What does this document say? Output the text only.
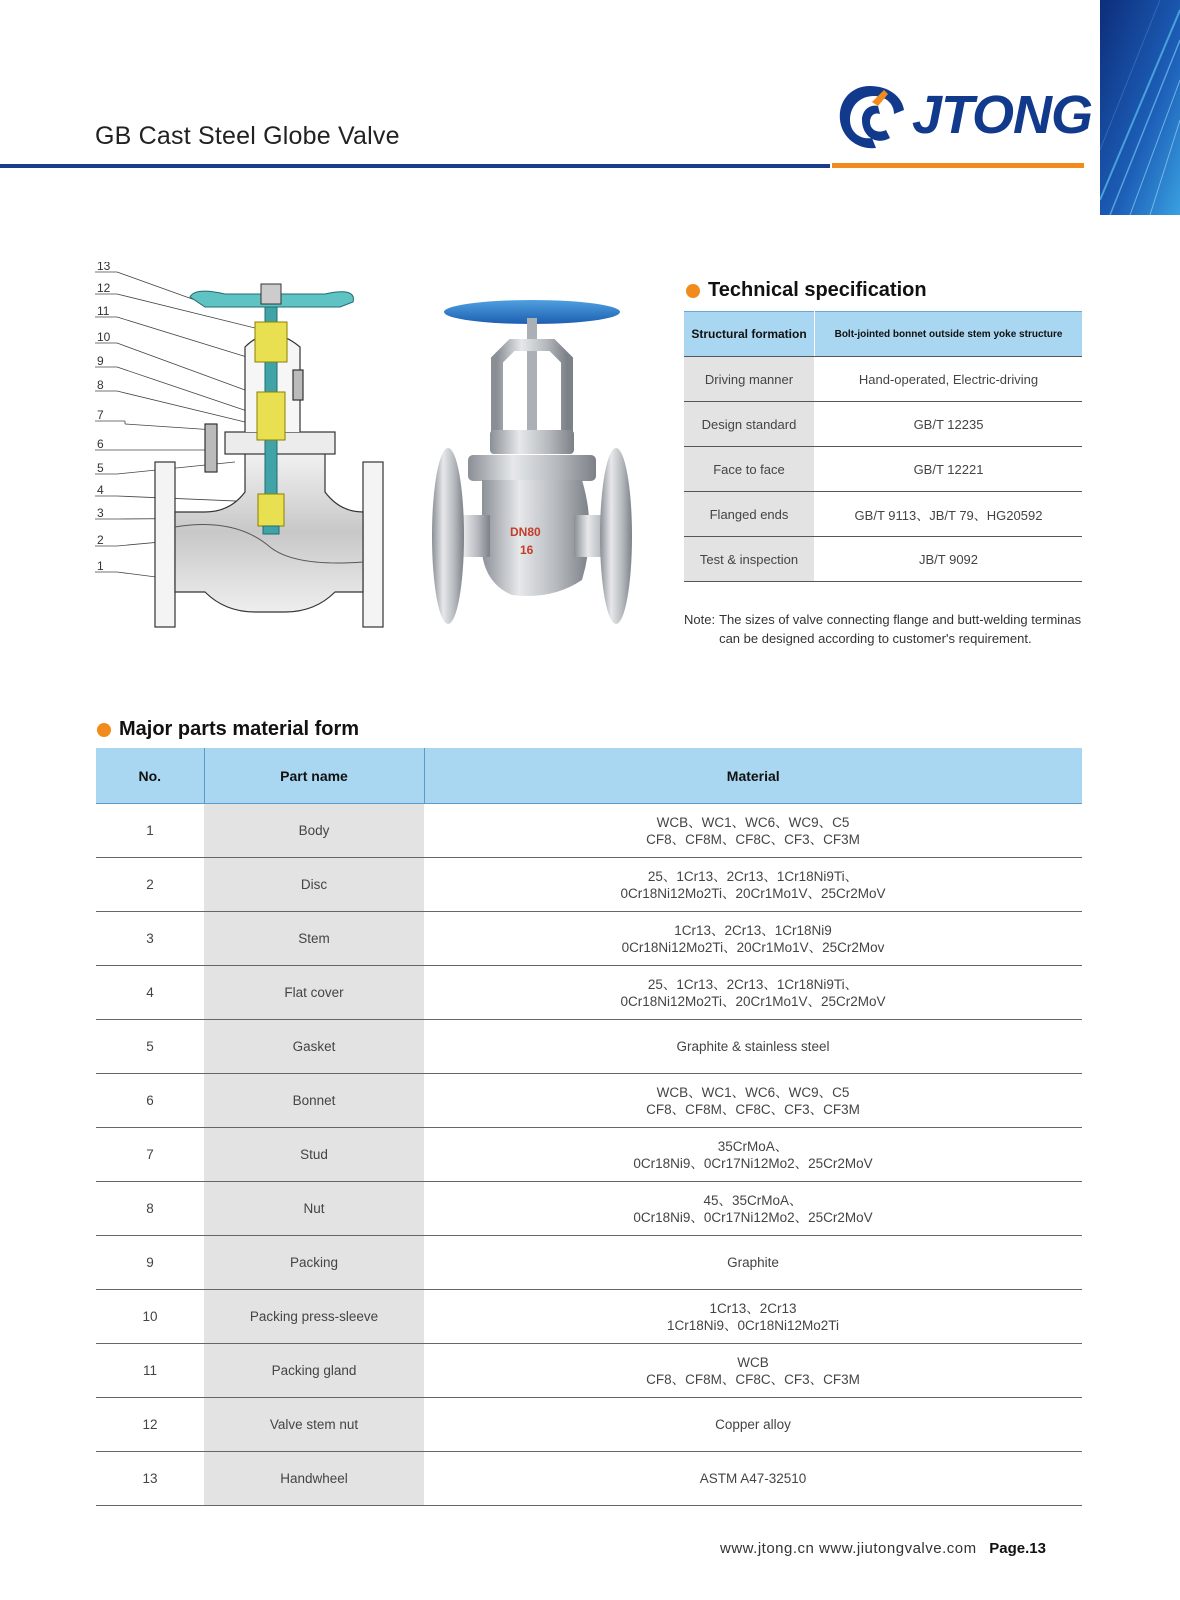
GB Cast Steel Globe Valve	JTONG
13
12
11
10
9
8
7
6
5
4
3
2
1
DN80
16
Technical specification
Structural formation	Bolt-jointed bonnet outside stem yoke structure
Driving manner	Hand-operated, Electric-driving
Design standard	GB/T 12235
Face to face	GB/T 12221
Flanged ends	GB/T 9113、JB/T 79、HG20592
Test & inspection	JB/T 9092
Note: The sizes of valve connecting flange and butt-welding terminas can be designed according to customer's requirement.
Major parts material form
No.	Part name	Material
1	Body	WCB、WC1、WC6、WC9、C5
CF8、CF8M、CF8C、CF3、CF3M

2	Disc	25、1Cr13、2Cr13、1Cr18Ni9Ti、
0Cr18Ni12Mo2Ti、20Cr1Mo1V、25Cr2MoV

3	Stem	1Cr13、2Cr13、1Cr18Ni9
0Cr18Ni12Mo2Ti、20Cr1Mo1V、25Cr2Mov

4	Flat cover	25、1Cr13、2Cr13、1Cr18Ni9Ti、
0Cr18Ni12Mo2Ti、20Cr1Mo1V、25Cr2MoV

5	Gasket	Graphite & stainless steel

6	Bonnet	WCB、WC1、WC6、WC9、C5
CF8、CF8M、CF8C、CF3、CF3M

7	Stud	35CrMoA、
0Cr18Ni9、0Cr17Ni12Mo2、25Cr2MoV

8	Nut	45、35CrMoA、
0Cr18Ni9、0Cr17Ni12Mo2、25Cr2MoV

9	Packing	Graphite

10	Packing press-sleeve	1Cr13、2Cr13
1Cr18Ni9、0Cr18Ni12Mo2Ti

11	Packing gland	WCB
CF8、CF8M、CF8C、CF3、CF3M

12	Valve stem nut	Copper alloy

13	Handwheel	ASTM A47-32510
www.jtong.cn www.jiutongvalve.com Page.13
